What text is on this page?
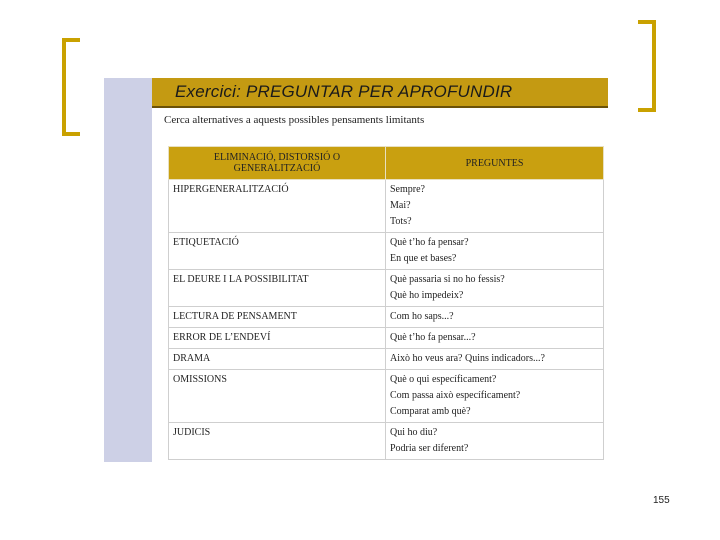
Exercici: PREGUNTAR PER APROFUNDIR
Cerca alternatives a aquests possibles pensaments limitants
ELIMINACIÓ, DISTORSIÓ O GENERALITZACIÓ	PREGUNTES
HIPERGENERALITZACIÓ	Sempre?
Mai?
Tots?
ETIQUETACIÓ	Què t’ho fa pensar?
En que et bases?
EL DEURE I LA POSSIBILITAT	Què passaria si no ho fessis?
Què ho impedeix?
LECTURA DE PENSAMENT	Com ho saps...?
ERROR DE L’ENDEVÍ	Què t’ho fa pensar...?
DRAMA	Això ho veus ara? Quins indicadors...?
OMISSIONS	Què o qui específicament?
Com passa això específicament?
Comparat amb què?
JUDICIS	Qui ho diu?
Podria ser diferent?
155
